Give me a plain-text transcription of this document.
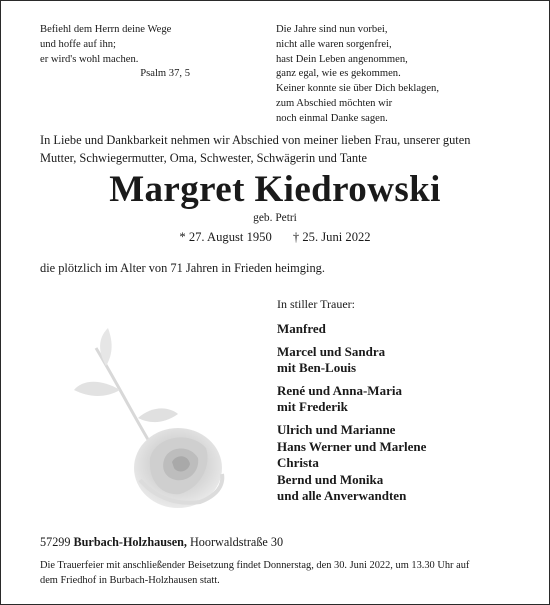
Befiehl dem Herrn deine Wege
und hoffe auf ihn;
er wird's wohl machen.
Psalm 37, 5
Die Jahre sind nun vorbei,
nicht alle waren sorgenfrei,
hast Dein Leben angenommen,
ganz egal, wie es gekommen.
Keiner konnte sie über Dich beklagen,
zum Abschied möchten wir
noch einmal Danke sagen.
In Liebe und Dankbarkeit nehmen wir Abschied von meiner lieben Frau, unserer guten
Mutter, Schwiegermutter, Oma, Schwester, Schwägerin und Tante
Margret Kiedrowski
geb. Petri
* 27. August 1950 † 25. Juni 2022
die plötzlich im Alter von 71 Jahren in Frieden heimging.
In stiller Trauer:
Manfred
Marcel und Sandra
mit Ben-Louis
René und Anna-Maria
mit Frederik
Ulrich und Marianne
Hans Werner und Marlene
Christa
Bernd und Monika
und alle Anverwandten
57299 Burbach-Holzhausen, Hoorwaldstraße 30
Die Trauerfeier mit anschließender Beisetzung findet Donnerstag, den 30. Juni 2022, um 13.30 Uhr auf
dem Friedhof in Burbach-Holzhausen statt.
